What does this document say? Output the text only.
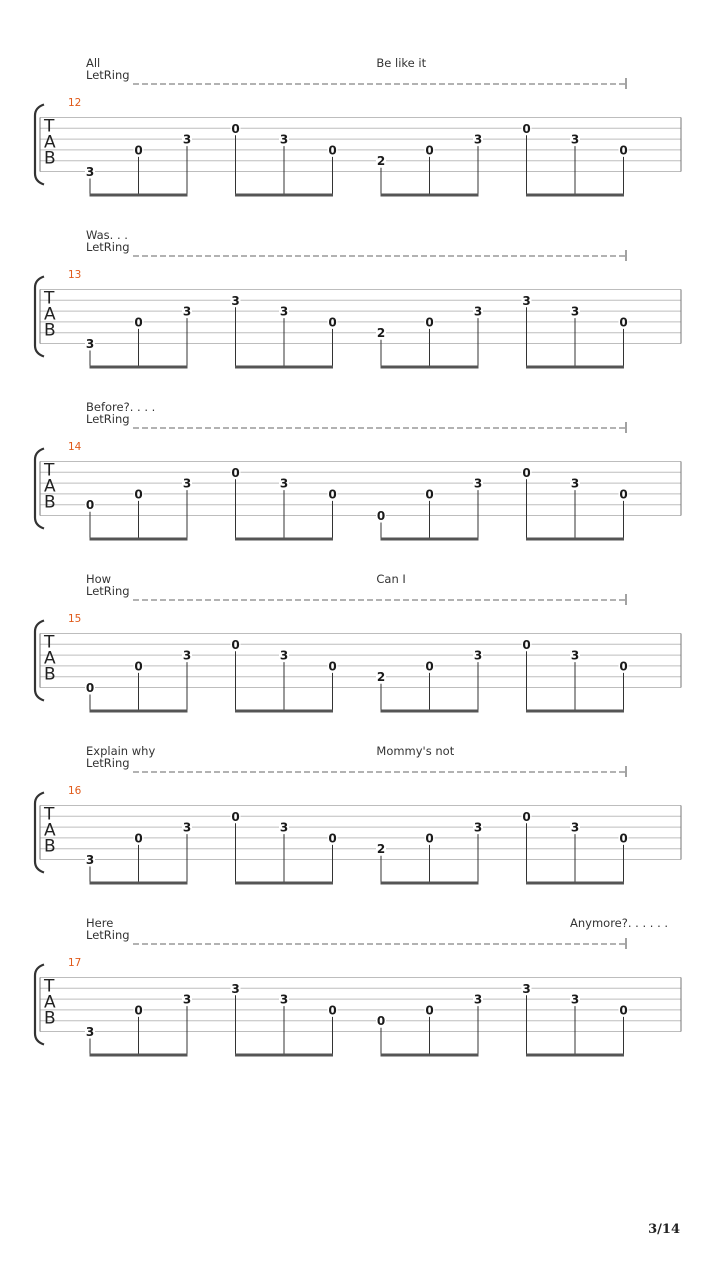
All	Be like it
LetRing
12
T
A
B
3
0
3
0
3
0
2
0
3
0
3
0
Was. . .
LetRing
13
T
A
B
3
0
3
3
3
0
2
0
3
3
3
0
Before?. . . .
LetRing
14
T
A
B	0
0
3
0
3
0
0
0
3
0
3
0
How	Can I
LetRing
15
T
A
B
0
0
3
0
3
0
2
0
3
0
3
0
Explain why	Mommy's not
LetRing
16
T
A
B
3
0
3
0
3
0
2
0
3
0
3
0
Here	Anymore?. . . . . .
LetRing
17
T
A
B
3
0
3
3
3
0
0
0
3
3
3
0
3/14
